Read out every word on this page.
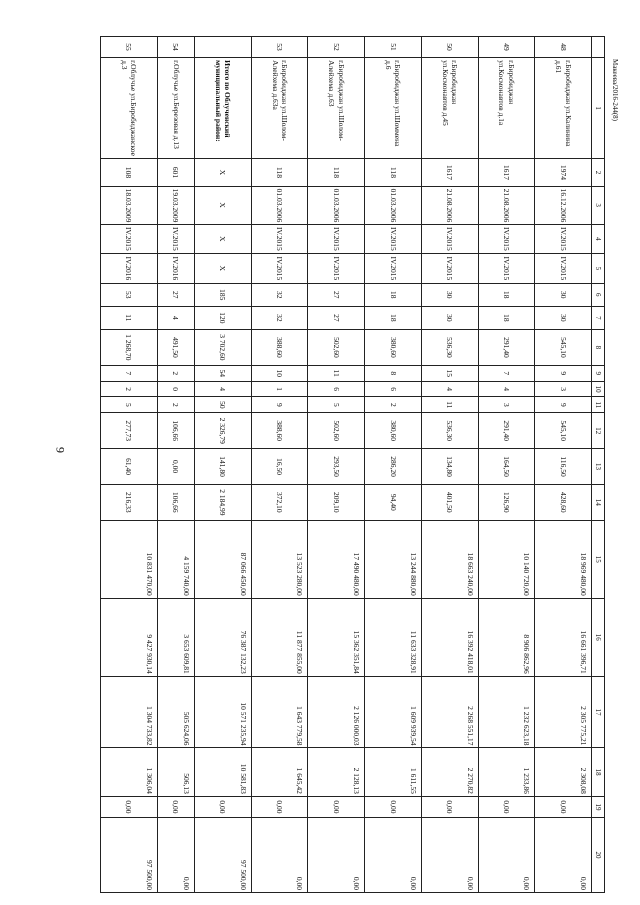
9
Макеева/2016-244(8)
	1	2	3	4	5	6	7	8	9	10	11	12	13	14	15	16	17	18	19	20
48	г.Биробиджан ул.Калинина д.61	1974	16.12.2006	IV.2015	IV.2015	30	30	545,10	9	3	9	545,10	116,50	428,60	18 969 480,00	16 661 396,71	2 305 775,21	2 308,08	0,00	0,00
49	г.Биробиджан ул.Космонавтов д.1а	1617	21.08.2006	IV.2015	IV.2015	18	18	291,40	7	4	3	291,40	164,50	126,90	10 140 720,00	8 906 862,96	1 232 623,18	1 233,86	0,00	0,00
50	г.Биробиджан ул.Космонавтов д.45	1617	21.08.2006	IV.2015	IV.2015	30	30	536,30	15	4	11	536,30	134,80	401,50	18 663 240,00	16 392 418,01	2 268 551,17	2 270,82	0,00	0,00
51	г.Биробиджан ул.Шоммена д.6	118	01.03.2006	IV.2015	IV.2015	18	18	380,60	8	6	2	380,60	286,20	94,40	13 244 880,00	11 633 328,91	1 609 939,54	1 611,55	0,00	0,00
52	г.Биробиджан ул.Шолом-Алейхема д.63	118	01.03.2006	IV.2015	IV.2015	27	27	502,60	11	6	5	502,60	293,50	209,10	17 490 480,00	15 362 351,84	2 126 000,03	2 128,13	0,00	0,00
53	г.Биробиджан ул.Шолом-Алейхема д.63а	118	01.03.2006	IV.2015	IV.2015	32	32	388,60	10	1	9	388,60	16,50	372,10	13 523 280,00	11 877 855,00	1 643 779,58	1 645,42	0,00	0,00
	Итого по Облученский муниципальный район:	X	X	X	X	185	120	3 702,60	54	4	50	2 326,79	141,80	2 184,99	87 066 450,00	76 387 132,23	10 571 235,94	10 581,83	0,00	97 500,00
54	г.Облучье ул.Березовая д.13	601	19.03.2009	IV.2015	IV.2016	27	4	491,50	2	0	2	106,66	0,00	106,66	4 159 740,00	3 653 609,81	505 624,06	506,13	0,00	0,00
55	г.Облучье ул.Биробиджанское д.3	108	18.03.2009	IV.2015	IV.2016	53	11	1 268,70	7	2	5	277,73	61,40	216,33	10 831 470,00	9 427 930,14	1 304 733,82	1 306,04	0,00	97 500,00
